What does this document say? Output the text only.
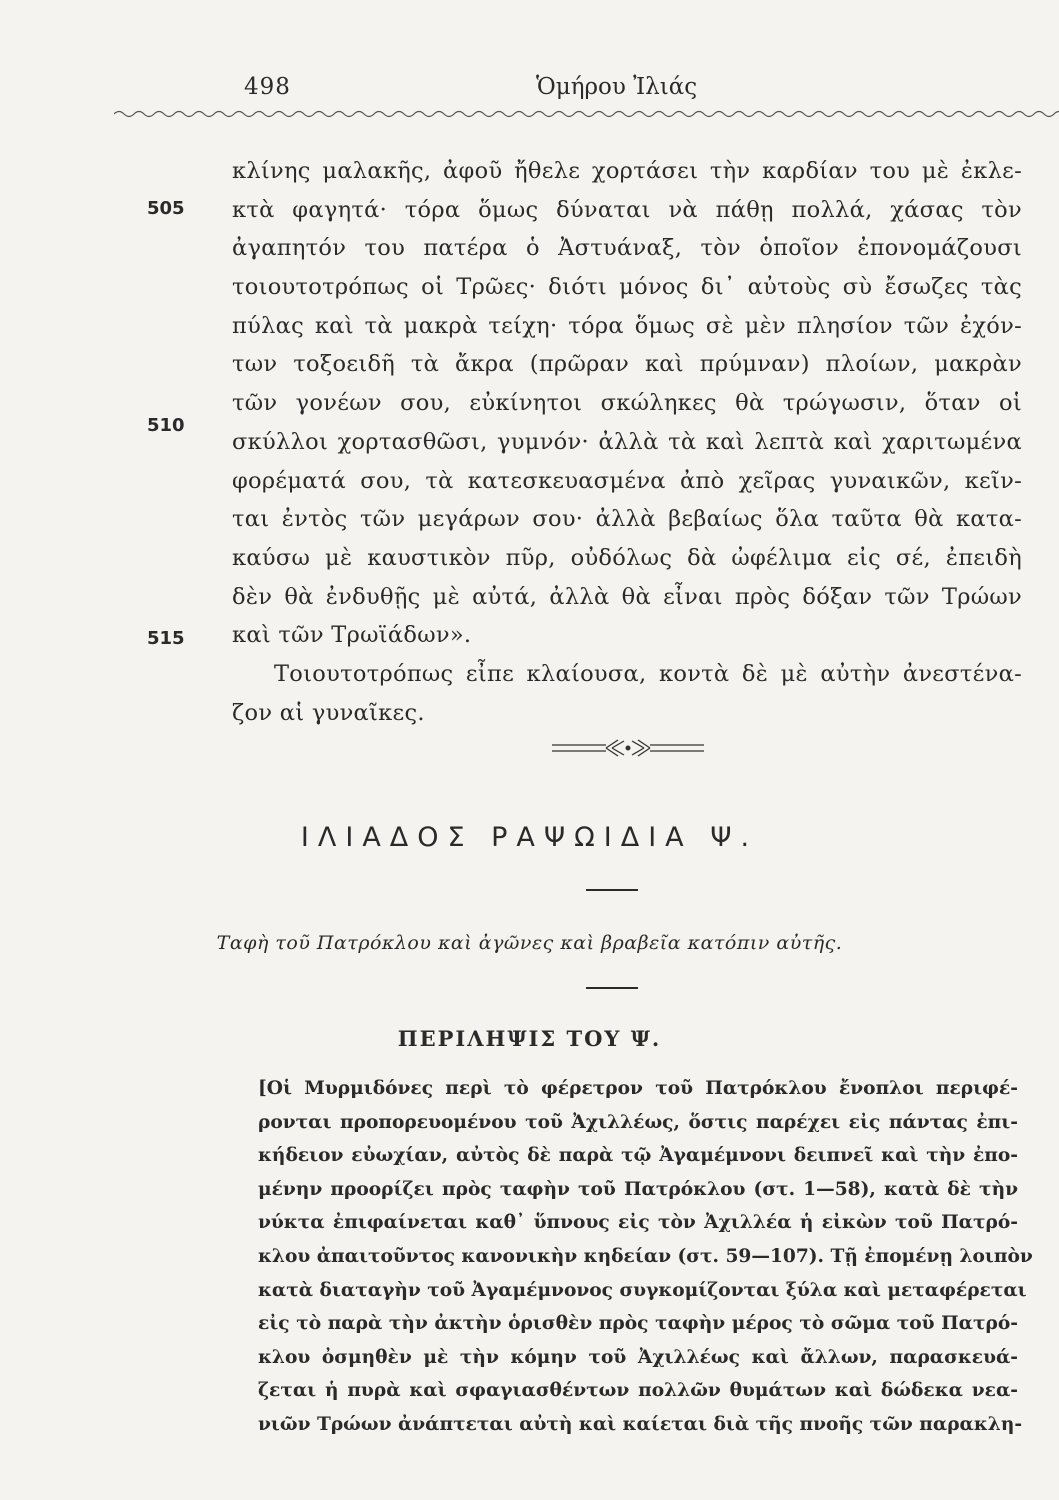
498	Ὁμήρου Ἰλιάς
κλίνης μαλακῆς, ἀφοῦ ἤθελε χορτάσει τὴν καρδίαν του μὲ ἐκλε-
κτὰ φαγητά· τόρα ὅμως δύναται νὰ πάθῃ πολλά, χάσας τὸν
ἀγαπητόν του πατέρα ὁ Ἀστυάναξ, τὸν ὁποῖον ἐπονομάζουσι
τοιουτοτρόπως οἱ Τρῶες· διότι μόνος δι᾽ αὐτοὺς σὺ ἔσωζες τὰς
πύλας καὶ τὰ μακρὰ τείχη· τόρα ὅμως σὲ μὲν πλησίον τῶν ἐχόν-
των τοξοειδῆ τὰ ἄκρα (πρῶραν καὶ πρύμναν) πλοίων, μακρὰν
τῶν γονέων σου, εὐκίνητοι σκώληκες θὰ τρώγωσιν, ὅταν οἱ
σκύλλοι χορτασθῶσι, γυμνόν· ἀλλὰ τὰ καὶ λεπτὰ καὶ χαριτωμένα
φορέματά σου, τὰ κατεσκευασμένα ἀπὸ χεῖρας γυναικῶν, κεῖν-
ται ἐντὸς τῶν μεγάρων σου· ἀλλὰ βεβαίως ὅλα ταῦτα θὰ κατα-
καύσω μὲ καυστικὸν πῦρ, οὐδόλως δὰ ὠφέλιμα εἰς σέ, ἐπειδὴ
δὲν θὰ ἐνδυθῇς μὲ αὐτά, ἀλλὰ θὰ εἶναι πρὸς δόξαν τῶν Τρώων
καὶ τῶν Τρωϊάδων».
Τοιουτοτρόπως εἶπε κλαίουσα, κοντὰ δὲ μὲ αὐτὴν ἀνεστένα-
ζον αἱ γυναῖκες.
505
510
515
ΙΛΙΑΔΟΣ ΡΑΨΩΙΔΙΑ Ψ.
Ταφὴ τοῦ Πατρόκλου καὶ ἀγῶνες καὶ βραβεῖα κατόπιν αὐτῆς.
ΠΕΡΙΛΗΨΙΣ ΤΟΥ Ψ.
[Οἱ Μυρμιδόνες περὶ τὸ φέρετρον τοῦ Πατρόκλου ἔνοπλοι περιφέ-
ρονται προπορευομένου τοῦ Ἀχιλλέως, ὅστις παρέχει εἰς πάντας ἐπι-
κήδειον εὐωχίαν, αὐτὸς δὲ παρὰ τῷ Ἀγαμέμνονι δειπνεῖ καὶ τὴν ἐπο-
μένην προορίζει πρὸς ταφὴν τοῦ Πατρόκλου (στ. 1—58), κατὰ δὲ τὴν
νύκτα ἐπιφαίνεται καθ᾽ ὕπνους εἰς τὸν Ἀχιλλέα ἡ εἰκὼν τοῦ Πατρό-
κλου ἀπαιτοῦντος κανονικὴν κηδείαν (στ. 59—107). Τῇ ἐπομένῃ λοιπὸν
κατὰ διαταγὴν τοῦ Ἀγαμέμνονος συγκομίζονται ξύλα καὶ μεταφέρεται
εἰς τὸ παρὰ τὴν ἀκτὴν ὁρισθὲν πρὸς ταφὴν μέρος τὸ σῶμα τοῦ Πατρό-
κλου ὀσμηθὲν μὲ τὴν κόμην τοῦ Ἀχιλλέως καὶ ἄλλων, παρασκευά-
ζεται ἡ πυρὰ καὶ σφαγιασθέντων πολλῶν θυμάτων καὶ δώδεκα νεα-
νιῶν Τρώων ἀνάπτεται αὐτὴ καὶ καίεται διὰ τῆς πνοῆς τῶν παρακλη-
